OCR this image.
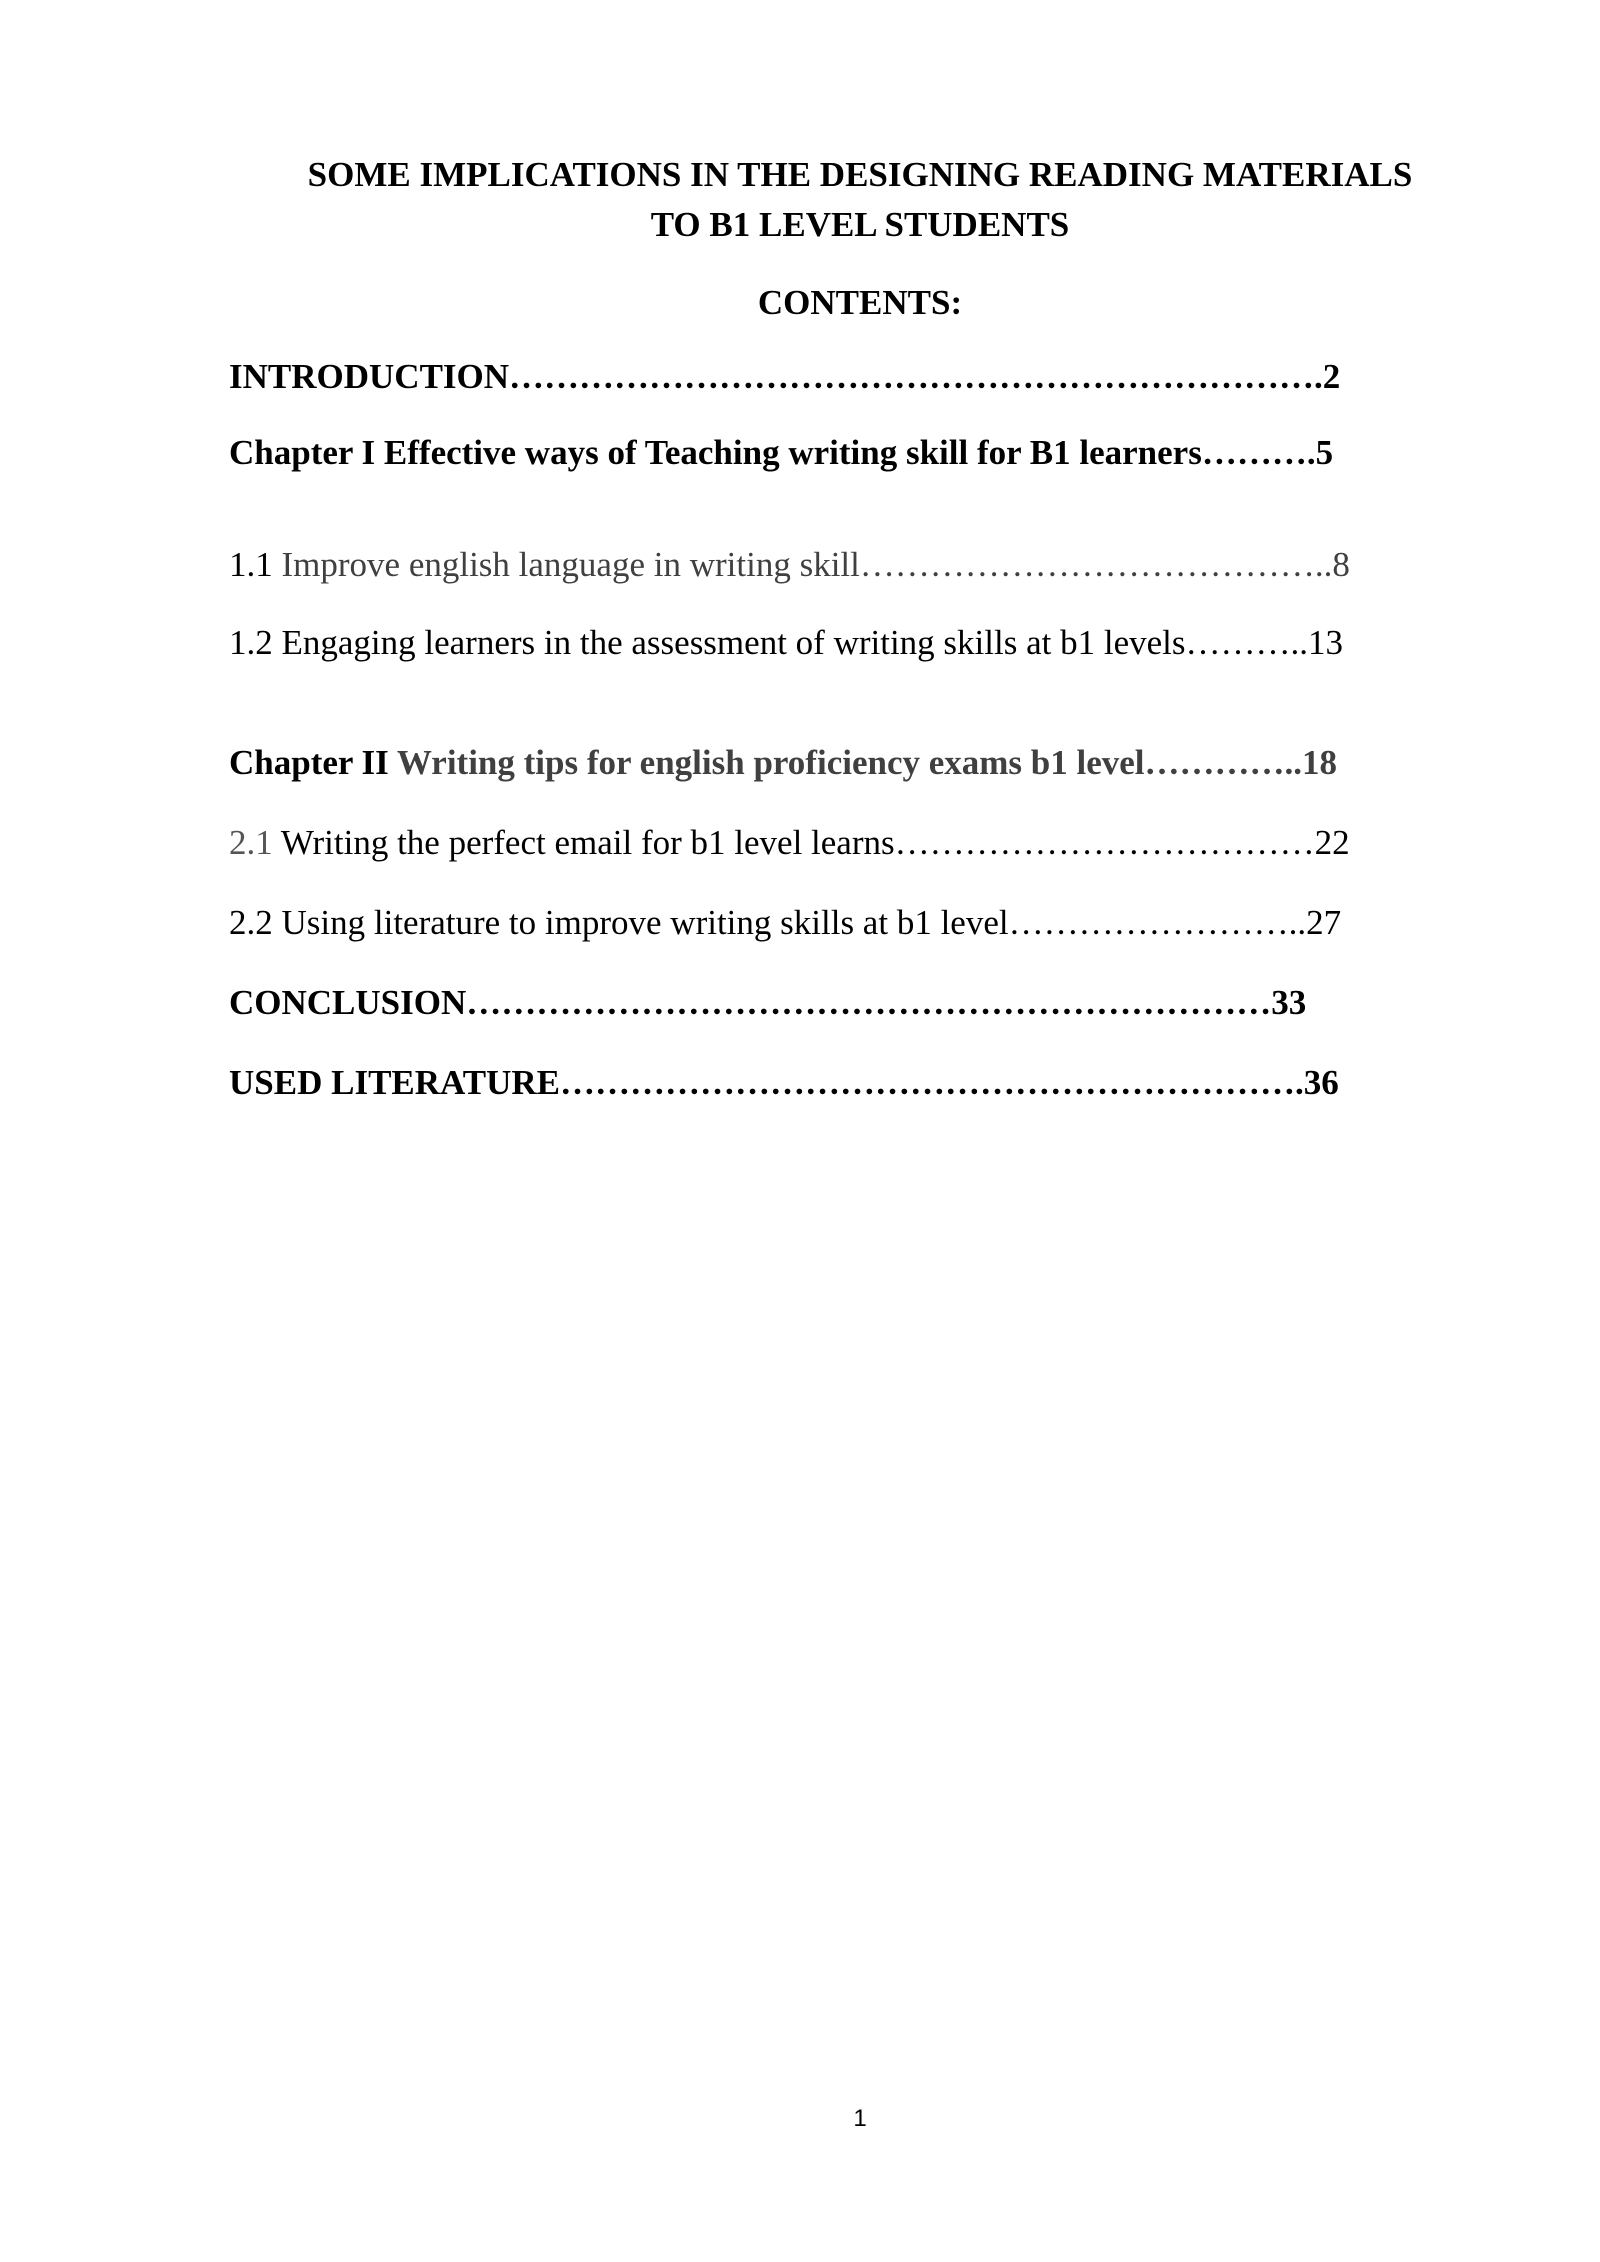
SOME IMPLICATIONS IN THE DESIGNING READING MATERIALS
TO B1 LEVEL STUDENTS
CONTENTS:
INTRODUCTION…………………………………………………………….2
Chapter I Effective ways of Teaching writing skill for B1 learners……….5
1.1 Improve english language in writing skill…………………………………..8
1.2 Engaging learners in the assessment of writing skills at b1 levels………..13
Chapter II Writing tips for english proficiency exams b1 level…………..18
2.1 Writing the perfect email for b1 level learns………………………………22
2.2 Using literature to improve writing skills at b1 level……………………..27
CONCLUSION……………………………………………………………33
USED LITERATURE……………………………………………………….36
1
